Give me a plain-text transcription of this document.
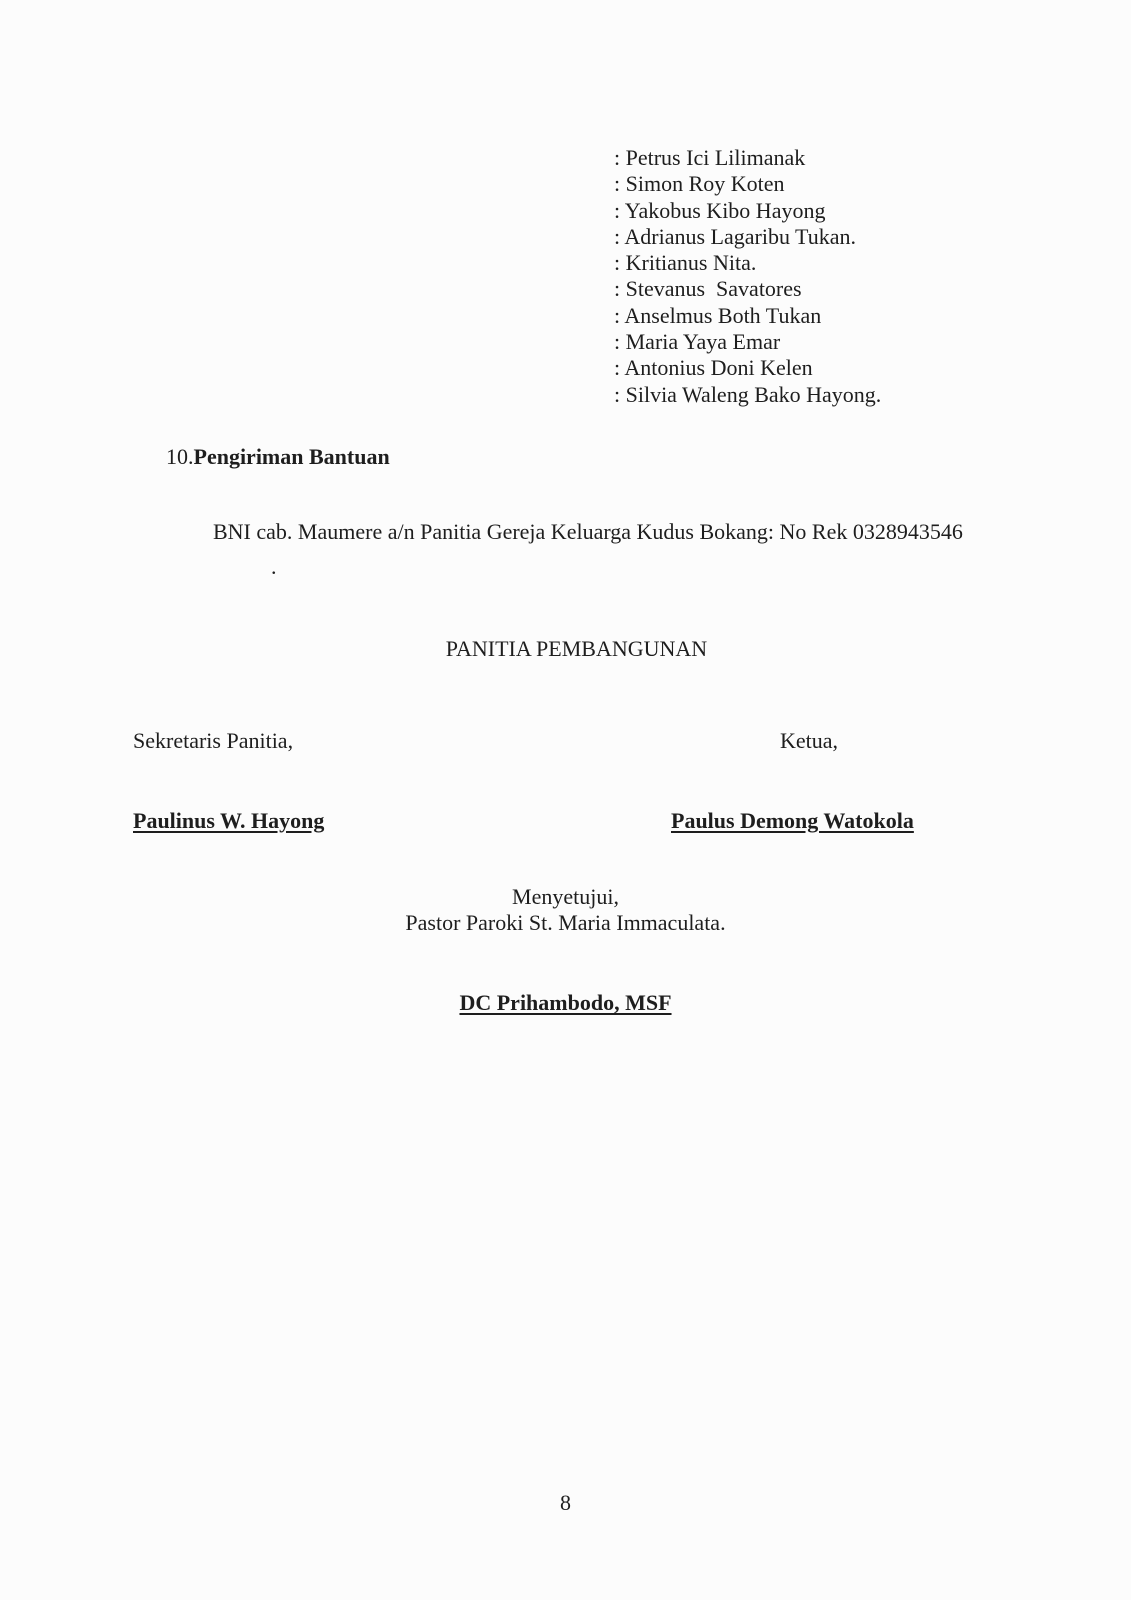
: Petrus Ici Lilimanak
: Simon Roy Koten
: Yakobus Kibo Hayong
: Adrianus Lagaribu Tukan.
: Kritianus Nita.
: Stevanus  Savatores
: Anselmus Both Tukan
: Maria Yaya Emar
: Antonius Doni Kelen
: Silvia Waleng Bako Hayong.
10.Pengiriman Bantuan
BNI cab. Maumere a/n Panitia Gereja Keluarga Kudus Bokang: No Rek 0328943546
.
PANITIA PEMBANGUNAN
Sekretaris Panitia,	Ketua,
Paulinus W. Hayong	Paulus Demong Watokola
Menyetujui,
Pastor Paroki St. Maria Immaculata.
DC Prihambodo, MSF
8
